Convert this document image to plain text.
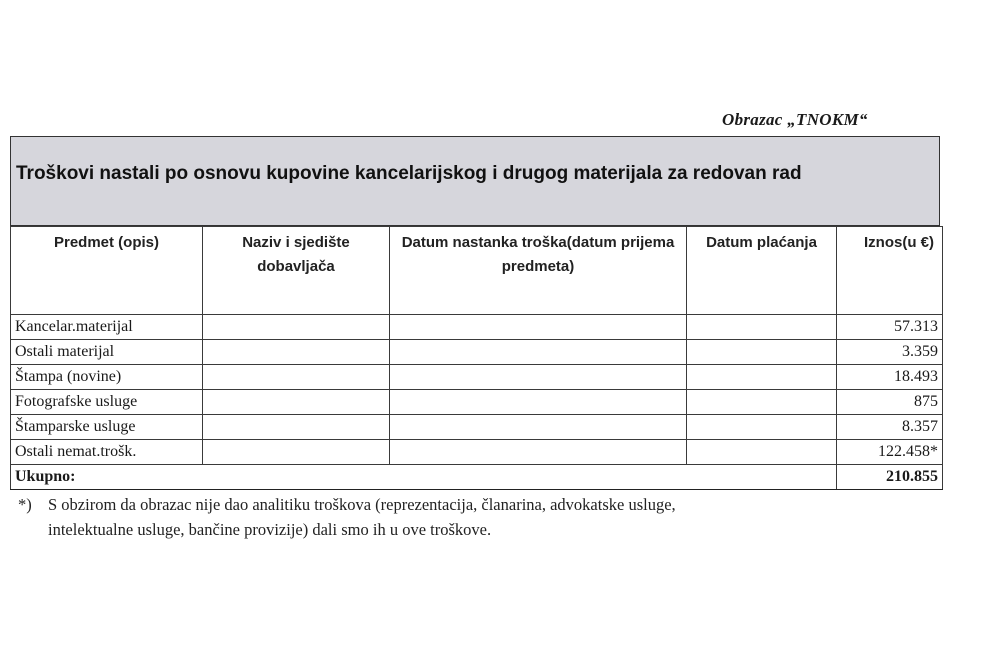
Obrazac „TNOKM“
Troškovi nastali po osnovu kupovine kancelarijskog i drugog materijala za redovan rad
Predmet (opis)	Naziv i sjedište dobavljača	Datum nastanka troška(datum prijema predmeta)	Datum plaćanja	Iznos(u €)
Kancelar.materijal				57.313
Ostali materijal				3.359
Štampa (novine)				18.493
Fotografske usluge				875
Štamparske usluge				8.357
Ostali nemat.trošk.				122.458*
Ukupno:				210.855
*) S obzirom da obrazac nije dao analitiku troškova (reprezentacija, članarina, advokatske usluge,
intelektualne usluge, bančine provizije) dali smo ih u ove troškove.
